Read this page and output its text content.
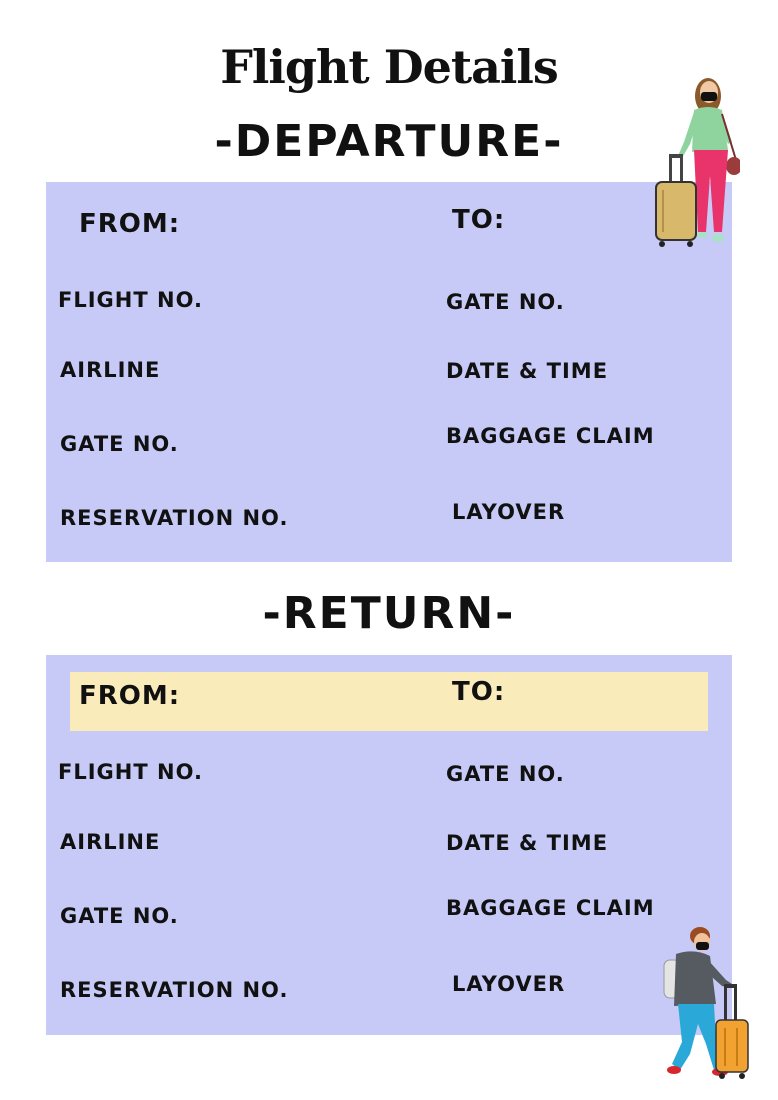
Flight Details
-DEPARTURE-
FROM:	TO:
FLIGHT NO.
AIRLINE
GATE NO.
RESERVATION NO.
GATE NO.
DATE & TIME
BAGGAGE CLAIM
LAYOVER
-RETURN-
FROM:	TO:
FLIGHT NO.
AIRLINE
GATE NO.
RESERVATION NO.
GATE NO.
DATE & TIME
BAGGAGE CLAIM
LAYOVER
